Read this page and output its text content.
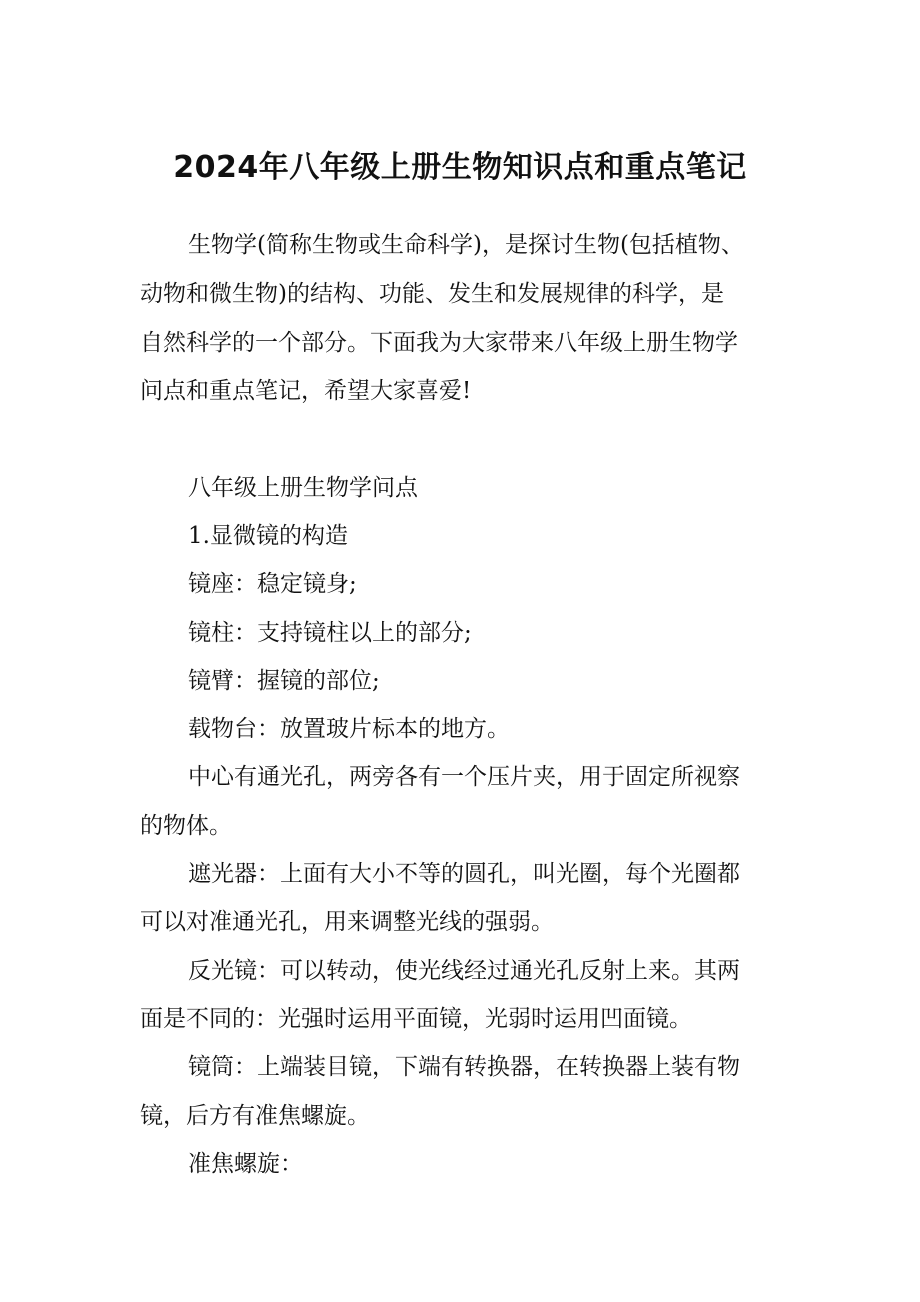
2024年八年级上册生物知识点和重点笔记
生物学(简称生物或生命科学)，是探讨生物(包括植物、
动物和微生物)的结构、功能、发生和发展规律的科学，是
自然科学的一个部分。下面我为大家带来八年级上册生物学
问点和重点笔记，希望大家喜爱!
八年级上册生物学问点
1.显微镜的构造
镜座：稳定镜身;
镜柱：支持镜柱以上的部分;
镜臂：握镜的部位;
载物台：放置玻片标本的地方。
中心有通光孔，两旁各有一个压片夹，用于固定所视察
的物体。
遮光器：上面有大小不等的圆孔，叫光圈，每个光圈都
可以对准通光孔，用来调整光线的强弱。
反光镜：可以转动，使光线经过通光孔反射上来。其两
面是不同的：光强时运用平面镜，光弱时运用凹面镜。
镜筒：上端装目镜，下端有转换器，在转换器上装有物
镜，后方有准焦螺旋。
准焦螺旋：
